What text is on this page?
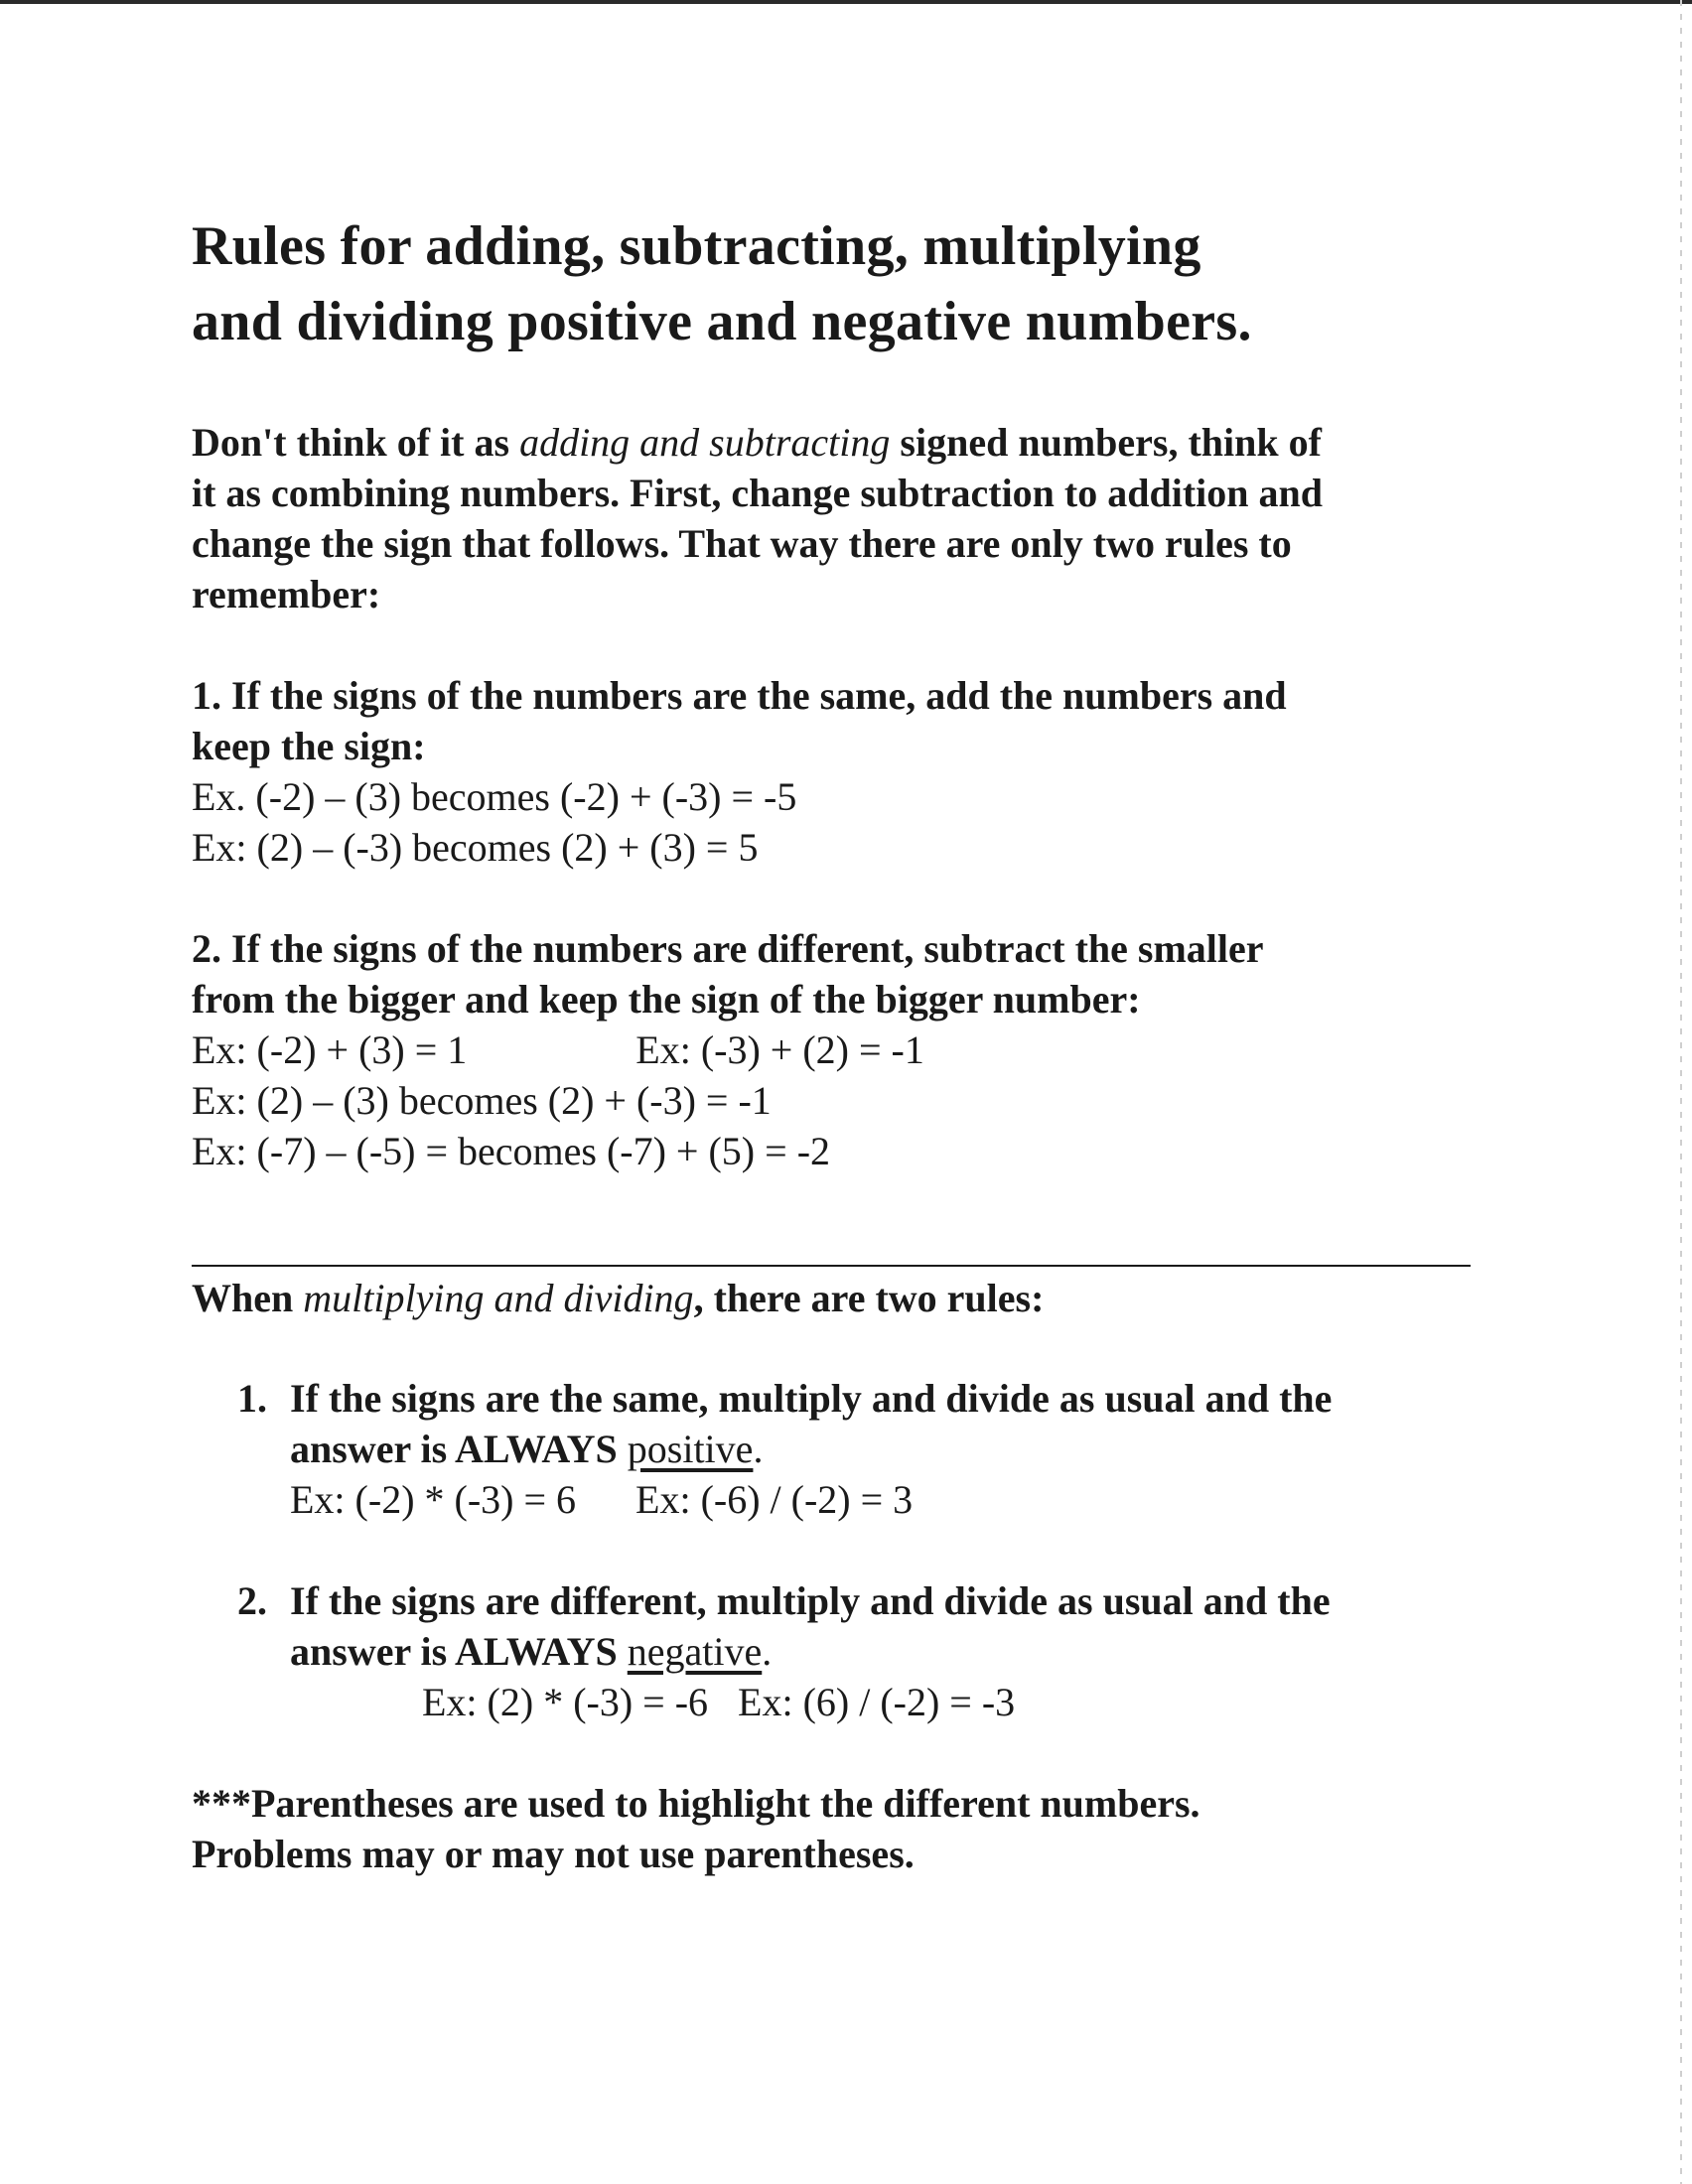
Rules for adding, subtracting, multiplying
and dividing positive and negative numbers.
Don't think of it as adding and subtracting signed numbers, think of
it as combining numbers. First, change subtraction to addition and
change the sign that follows. That way there are only two rules to
remember:
1. If the signs of the numbers are the same, add the numbers and
keep the sign:
Ex. (-2) – (3) becomes (-2) + (-3) = -5
Ex: (2) – (-3) becomes (2) + (3) = 5
2. If the signs of the numbers are different, subtract the smaller
from the bigger and keep the sign of the bigger number:
Ex: (-2) + (3) = 1	Ex: (-3) + (2) = -1
Ex: (2) – (3) becomes (2) + (-3) = -1
Ex: (-7) – (-5) = becomes (-7) + (5) = -2
When multiplying and dividing, there are two rules:
1. If the signs are the same, multiply and divide as usual and the
answer is ALWAYS positive.
Ex: (-2) * (-3) = 6 Ex: (-6) / (-2) = 3
2. If the signs are different, multiply and divide as usual and the
answer is ALWAYS negative.
Ex: (2) * (-3) = -6 Ex: (6) / (-2) = -3
***Parentheses are used to highlight the different numbers.
Problems may or may not use parentheses.
